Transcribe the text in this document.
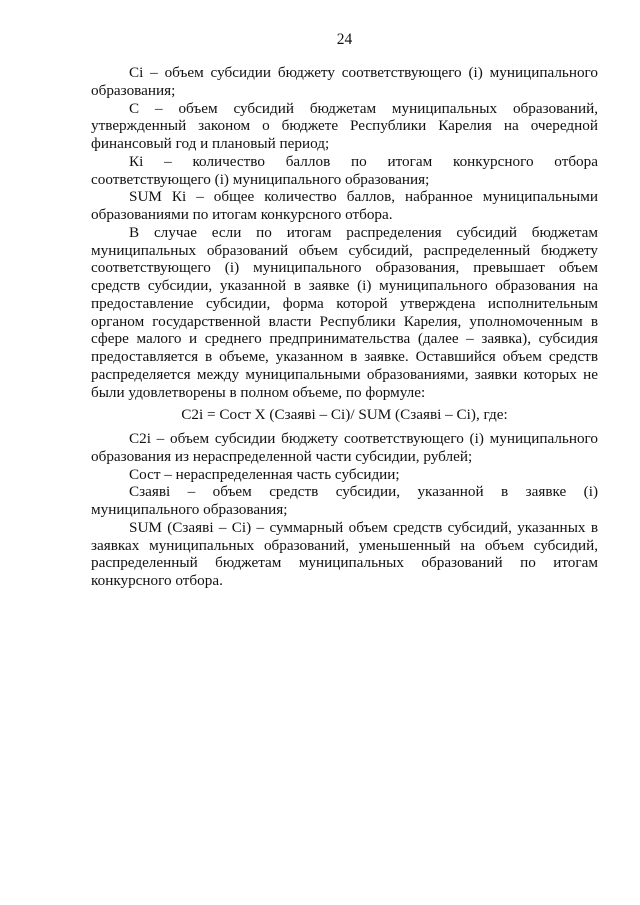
24
Ci – объем субсидии бюджету соответствующего (i) муниципального
образования;
С – объем субсидий бюджетам муниципальных образований,
утвержденный законом о бюджете Республики Карелия на очередной
финансовый год и плановый период;
Кi – количество баллов по итогам конкурсного отбора
соответствующего (i) муниципального образования;
SUM Кi – общее количество баллов, набранное муниципальными
образованиями по итогам конкурсного отбора.
В случае если по итогам распределения субсидий бюджетам
муниципальных образований объем субсидий, распределенный бюджету
соответствующего (i) муниципального образования, превышает объем
средств субсидии, указанной в заявке (i) муниципального образования на
предоставление субсидии, форма которой утверждена исполнительным
органом государственной власти Республики Карелия, уполномоченным в
сфере малого и среднего предпринимательства (далее – заявка), субсидия
предоставляется в объеме, указанном в заявке. Оставшийся объем средств
распределяется между муниципальными образованиями, заявки которых не
были удовлетворены в полном объеме, по формуле:
C2i = Сост Х (Сзаявi – Ci)/ SUM (Сзаявi – Ci), где:
C2i – объем субсидии бюджету соответствующего (i) муниципального
образования из нераспределенной части субсидии, рублей;
Сост – нераспределенная часть субсидии;
Сзаявi – объем средств субсидии, указанной в заявке (i)
муниципального образования;
SUM (Сзаявi – Ci) – суммарный объем средств субсидий, указанных в
заявках муниципальных образований, уменьшенный на объем субсидий,
распределенный бюджетам муниципальных образований по итогам
конкурсного отбора.
